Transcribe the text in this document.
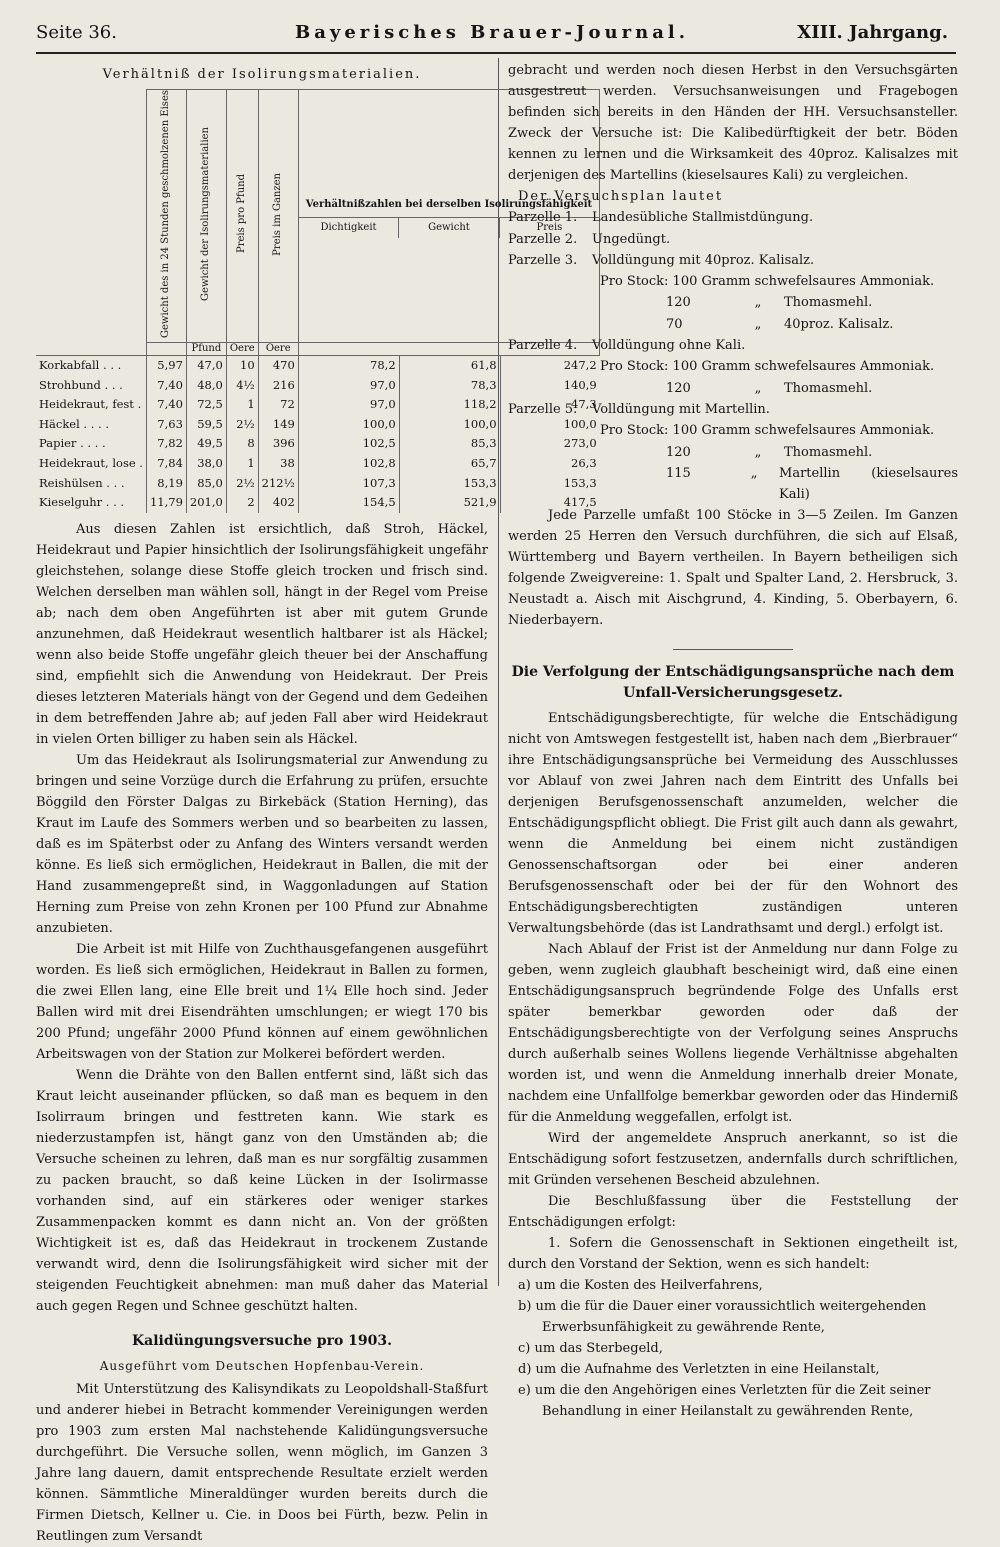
Seite 36.	Bayerisches Brauer-Journal.	XIII. Jahrgang.
Verhältniß der Isolirungsmaterialien.
	Gewicht des in 24 Stunden geschmolzenen Eises	Gewicht der Isolirungsmaterialien	Preis pro Pfund	Preis im Ganzen	Verhältnißzahlen bei derselben Isolirungsfähigkeit
Dichtigkeit Gewicht Preis		

		Pfund	Oere	Oere			
Korkabfall . . .	5,97	47,0	10	470	78,2	61,8	247,2
Strohbund . . .	7,40	48,0	4½	216	97,0	78,3	140,9
Heidekraut, fest .	7,40	72,5	1	72	97,0	118,2	47,3
Häckel . . . .	7,63	59,5	2½	149	100,0	100,0	100,0
Papier . . . .	7,82	49,5	8	396	102,5	85,3	273,0
Heidekraut, lose .	7,84	38,0	1	38	102,8	65,7	26,3
Reishülsen . . .	8,19	85,0	2½	212½	107,3	153,3	153,3
Kieselguhr . . .	11,79	201,0	2	402	154,5	521,9	417,5

Aus diesen Zahlen ist ersichtlich, daß Stroh, Häckel, Heidekraut und Papier hinsichtlich der Isolirungsfähigkeit ungefähr gleichstehen, solange diese Stoffe gleich trocken und frisch sind. Welchen derselben man wählen soll, hängt in der Regel vom Preise ab; nach dem oben Angeführten ist aber mit gutem Grunde anzunehmen, daß Heidekraut wesentlich haltbarer ist als Häckel; wenn also beide Stoffe ungefähr gleich theuer bei der Anschaffung sind, empfiehlt sich die Anwendung von Heidekraut. Der Preis dieses letzteren Materials hängt von der Gegend und dem Gedeihen in dem betreffenden Jahre ab; auf jeden Fall aber wird Heidekraut in vielen Orten billiger zu haben sein als Häckel.

Um das Heidekraut als Isolirungsmaterial zur Anwendung zu bringen und seine Vorzüge durch die Erfahrung zu prüfen, ersuchte Böggild den Förster Dalgas zu Birkebäck (Station Herning), das Kraut im Laufe des Sommers werben und so bearbeiten zu lassen, daß es im Späterbst oder zu Anfang des Winters versandt werden könne. Es ließ sich ermöglichen, Heidekraut in Ballen, die mit der Hand zusammengepreßt sind, in Waggonladungen auf Station Herning zum Preise von zehn Kronen per 100 Pfund zur Abnahme anzubieten.

Die Arbeit ist mit Hilfe von Zuchthausgefangenen ausgeführt worden. Es ließ sich ermöglichen, Heidekraut in Ballen zu formen, die zwei Ellen lang, eine Elle breit und 1¼ Elle hoch sind. Jeder Ballen wird mit drei Eisendrähten umschlungen; er wiegt 170 bis 200 Pfund; ungefähr 2000 Pfund können auf einem gewöhnlichen Arbeitswagen von der Station zur Molkerei befördert werden.

Wenn die Drähte von den Ballen entfernt sind, läßt sich das Kraut leicht auseinander pflücken, so daß man es bequem in den Isolirraum bringen und festtreten kann. Wie stark es niederzustampfen ist, hängt ganz von den Umständen ab; die Versuche scheinen zu lehren, daß man es nur sorgfältig zusammen zu packen braucht, so daß keine Lücken in der Isolirmasse vorhanden sind, auf ein stärkeres oder weniger starkes Zusammenpacken kommt es dann nicht an. Von der größten Wichtigkeit ist es, daß das Heidekraut in trockenem Zustande verwandt wird, denn die Isolirungsfähigkeit wird sicher mit der steigenden Feuchtigkeit abnehmen: man muß daher das Material auch gegen Regen und Schnee geschützt halten.

Kalidüngungsversuche pro 1903.
Ausgeführt vom Deutschen Hopfenbau-Verein.

Mit Unterstützung des Kalisyndikats zu Leopoldshall-Staßfurt und anderer hiebei in Betracht kommender Vereinigungen werden pro 1903 zum ersten Mal nachstehende Kalidüngungsversuche durchgeführt. Die Versuche sollen, wenn möglich, im Ganzen 3 Jahre lang dauern, damit entsprechende Resultate erzielt werden können. Sämmtliche Mineraldünger wurden bereits durch die Firmen Dietsch, Kellner u. Cie. in Doos bei Fürth, bezw. Pelin in Reutlingen zum Versandt

gebracht und werden noch diesen Herbst in den Versuchsgärten ausgestreut werden. Versuchsanweisungen und Fragebogen befinden sich bereits in den Händen der HH. Versuchsansteller. Zweck der Versuche ist: Die Kalibedürftigkeit der betr. Böden kennen zu lernen und die Wirksamkeit des 40proz. Kalisalzes mit derjenigen des Martellins (kieselsaures Kali) zu vergleichen.

Der Versuchsplan lautet
Parzelle 1.	Landesübliche Stallmistdüngung.
Parzelle 2.	Ungedüngt.
Parzelle 3.	Volldüngung mit 40proz. Kalisalz.
Pro Stock: 100 Gramm schwefelsaures Ammoniak.
120	„	Thomasmehl.
70	„	40proz. Kalisalz.
Parzelle 4.	Volldüngung ohne Kali.
Pro Stock: 100 Gramm schwefelsaures Ammoniak.
120	„	Thomasmehl.
Parzelle 5.	Volldüngung mit Martellin.
Pro Stock: 100 Gramm schwefelsaures Ammoniak.
120	„	Thomasmehl.
115	„	Martellin (kieselsaures Kali)

Jede Parzelle umfaßt 100 Stöcke in 3—5 Zeilen. Im Ganzen werden 25 Herren den Versuch durchführen, die sich auf Elsaß, Württemberg und Bayern vertheilen. In Bayern betheiligen sich folgende Zweigvereine: 1. Spalt und Spalter Land, 2. Hersbruck, 3. Neustadt a. Aisch mit Aischgrund, 4. Kinding, 5. Oberbayern, 6. Niederbayern.

Die Verfolgung der Entschädigungsansprüche nach dem
Unfall-Versicherungsgesetz.

Entschädigungsberechtigte, für welche die Entschädigung nicht von Amtswegen festgestellt ist, haben nach dem „Bierbrauer“ ihre Entschädigungsansprüche bei Vermeidung des Ausschlusses vor Ablauf von zwei Jahren nach dem Eintritt des Unfalls bei derjenigen Berufsgenossenschaft anzumelden, welcher die Entschädigungspflicht obliegt. Die Frist gilt auch dann als gewahrt, wenn die Anmeldung bei einem nicht zuständigen Genossenschaftsorgan oder bei einer anderen Berufsgenossenschaft oder bei der für den Wohnort des Entschädigungsberechtigten zuständigen unteren Verwaltungsbehörde (das ist Landrathsamt und dergl.) erfolgt ist.

Nach Ablauf der Frist ist der Anmeldung nur dann Folge zu geben, wenn zugleich glaubhaft bescheinigt wird, daß eine einen Entschädigungsanspruch begründende Folge des Unfalls erst später bemerkbar geworden oder daß der Entschädigungsberechtigte von der Verfolgung seines Anspruchs durch außerhalb seines Wollens liegende Verhältnisse abgehalten worden ist, und wenn die Anmeldung innerhalb dreier Monate, nachdem eine Unfallfolge bemerkbar geworden oder das Hinderniß für die Anmeldung weggefallen, erfolgt ist.

Wird der angemeldete Anspruch anerkannt, so ist die Entschädigung sofort festzusetzen, andernfalls durch schriftlichen, mit Gründen versehenen Bescheid abzulehnen.

Die Beschlußfassung über die Feststellung der Entschädigungen erfolgt:

1. Sofern die Genossenschaft in Sektionen eingetheilt ist, durch den Vorstand der Sektion, wenn es sich handelt:

a) um die Kosten des Heilverfahrens,
b) um die für die Dauer einer voraussichtlich weitergehenden Erwerbsunfähigkeit zu gewährende Rente,
c) um das Sterbegeld,
d) um die Aufnahme des Verletzten in eine Heilanstalt,
e) um die den Angehörigen eines Verletzten für die Zeit seiner Behandlung in einer Heilanstalt zu gewährenden Rente,
